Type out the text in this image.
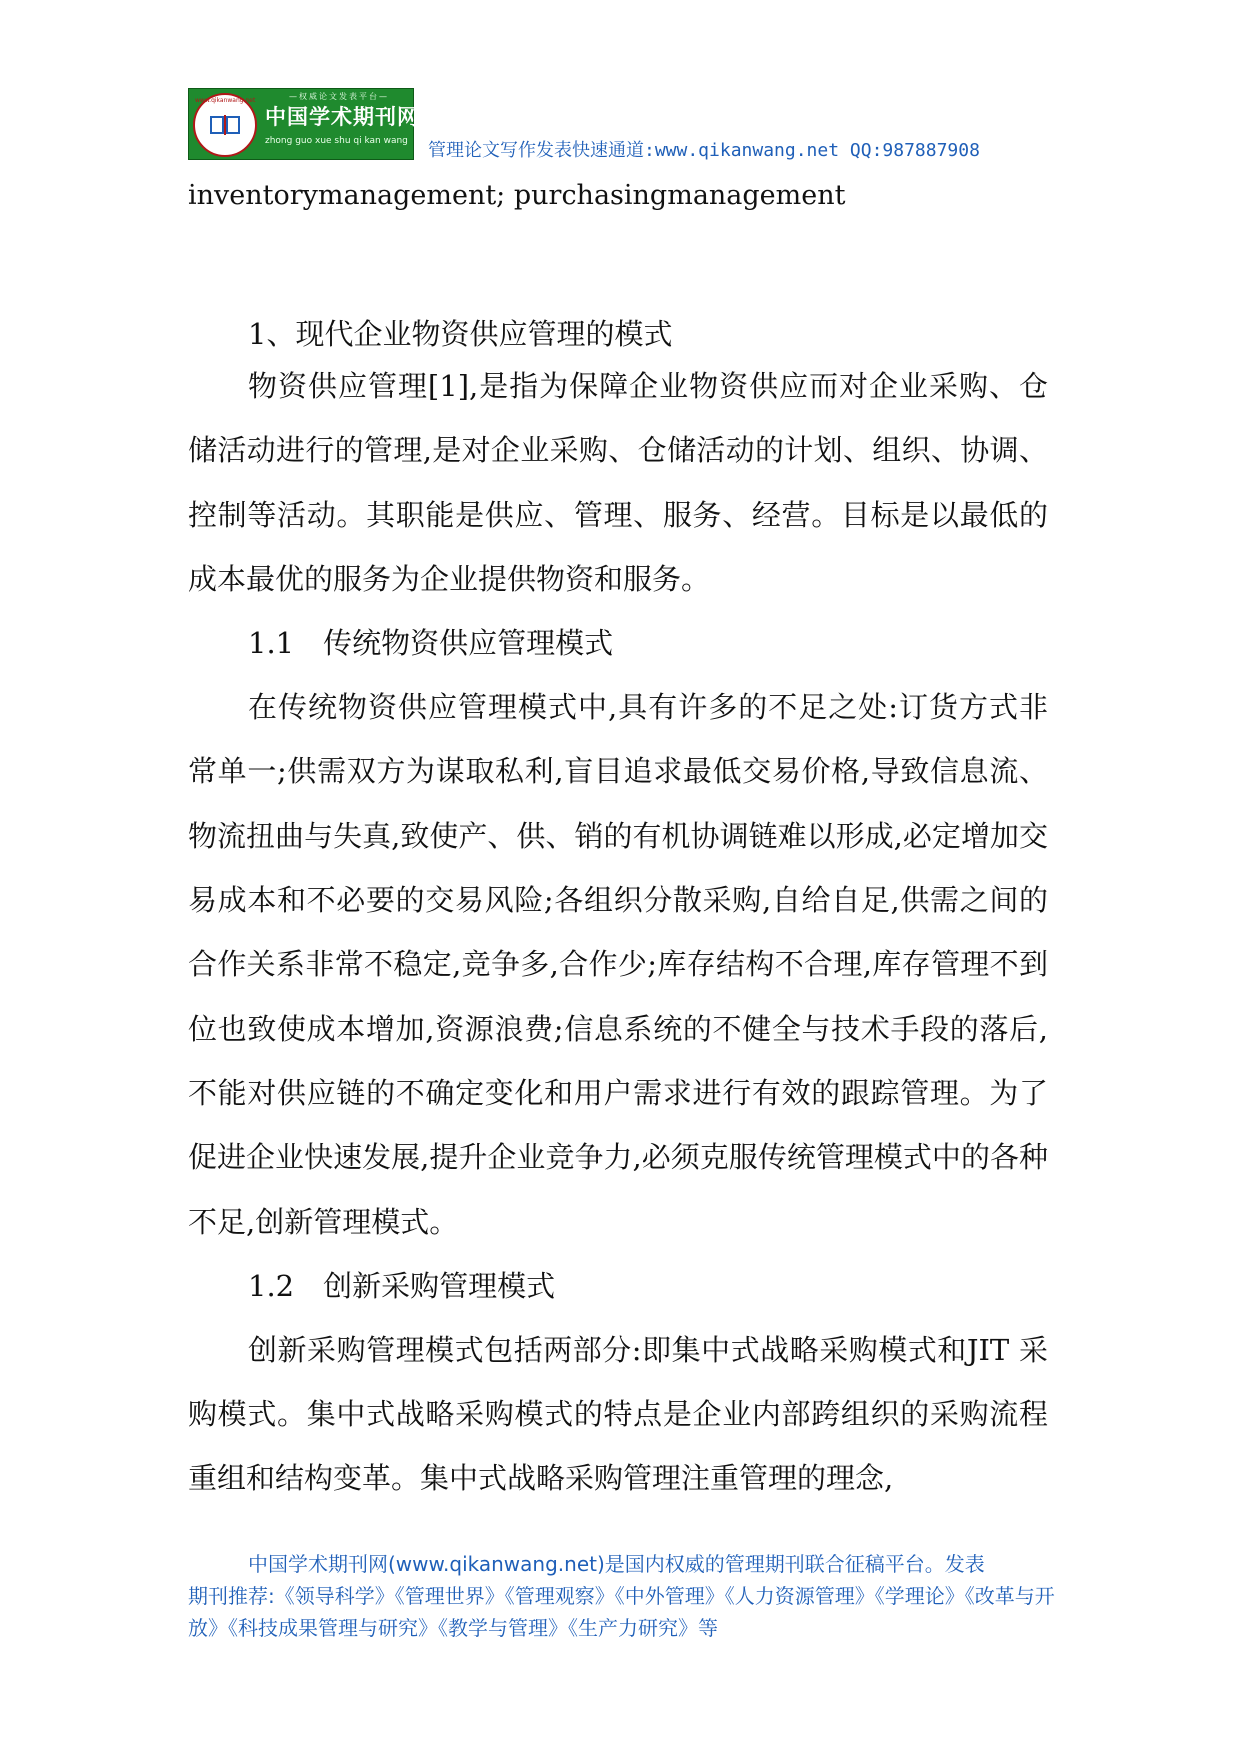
www.qikanwang.net	—权威论文发表平台—
中国学术期刊网
zhong guo xue shu qi kan wang 管理论文写作发表快速通道:www.qikanwang.net QQ:987887908

inventorymanagement; purchasingmanagement

1、现代企业物资供应管理的模式

物资供应管理[1],是指为保障企业物资供应而对企业采购、仓储活动进行的管理,是对企业采购、仓储活动的计划、组织、协调、控制等活动。其职能是供应、管理、服务、经营。目标是以最低的成本最优的服务为企业提供物资和服务。

1.1　传统物资供应管理模式

在传统物资供应管理模式中,具有许多的不足之处:订货方式非常单一;供需双方为谋取私利,盲目追求最低交易价格,导致信息流、物流扭曲与失真,致使产、供、销的有机协调链难以形成,必定增加交易成本和不必要的交易风险;各组织分散采购,自给自足,供需之间的合作关系非常不稳定,竞争多,合作少;库存结构不合理,库存管理不到位也致使成本增加,资源浪费;信息系统的不健全与技术手段的落后,不能对供应链的不确定变化和用户需求进行有效的跟踪管理。为了促进企业快速发展,提升企业竞争力,必须克服传统管理模式中的各种不足,创新管理模式。

1.2　创新采购管理模式

创新采购管理模式包括两部分:即集中式战略采购模式和JIT 采购模式。集中式战略采购模式的特点是企业内部跨组织的采购流程重组和结构变革。集中式战略采购管理注重管理的理念,

中国学术期刊网(www.qikanwang.net)是国内权威的管理期刊联合征稿平台。发表

期刊推荐:《领导科学》《管理世界》《管理观察》《中外管理》《人力资源管理》《学理论》《改革与开放》《科技成果管理与研究》《教学与管理》《生产力研究》等
